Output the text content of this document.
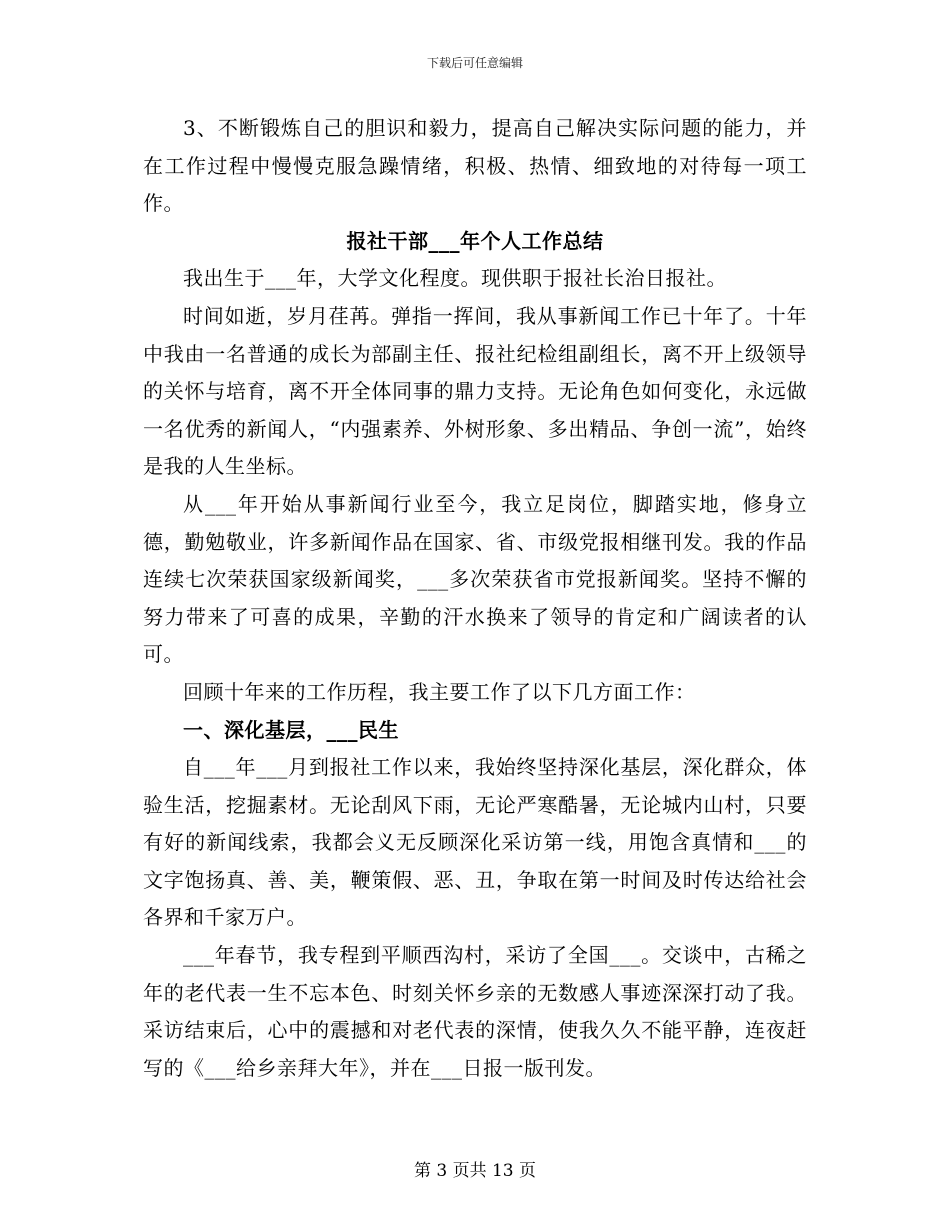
下载后可任意编辑

3、不断锻炼自己的胆识和毅力，提高自己解决实际问题的能力，并在工作过程中慢慢克服急躁情绪，积极、热情、细致地的对待每一项工作。

报社干部___年个人工作总结

我出生于___年，大学文化程度。现供职于报社长治日报社。

时间如逝，岁月荏苒。弹指一挥间，我从事新闻工作已十年了。十年中我由一名普通的成长为部副主任、报社纪检组副组长，离不开上级领导的关怀与培育，离不开全体同事的鼎力支持。无论角色如何变化，永远做一名优秀的新闻人，“内强素养、外树形象、多出精品、争创一流”，始终是我的人生坐标。

从___年开始从事新闻行业至今，我立足岗位，脚踏实地，修身立德，勤勉敬业，许多新闻作品在国家、省、市级党报相继刊发。我的作品连续七次荣获国家级新闻奖，___多次荣获省市党报新闻奖。坚持不懈的努力带来了可喜的成果，辛勤的汗水换来了领导的肯定和广阔读者的认可。

回顾十年来的工作历程，我主要工作了以下几方面工作：

一、深化基层，___民生

自___年___月到报社工作以来，我始终坚持深化基层，深化群众，体验生活，挖掘素材。无论刮风下雨，无论严寒酷暑，无论城内山村，只要有好的新闻线索，我都会义无反顾深化采访第一线，用饱含真情和___的文字饱扬真、善、美，鞭策假、恶、丑，争取在第一时间及时传达给社会各界和千家万户。

___年春节，我专程到平顺西沟村，采访了全国___。交谈中，古稀之年的老代表一生不忘本色、时刻关怀乡亲的无数感人事迹深深打动了我。采访结束后，心中的震撼和对老代表的深情，使我久久不能平静，连夜赶写的《___给乡亲拜大年》，并在___日报一版刊发。

第 3 页共 13 页
